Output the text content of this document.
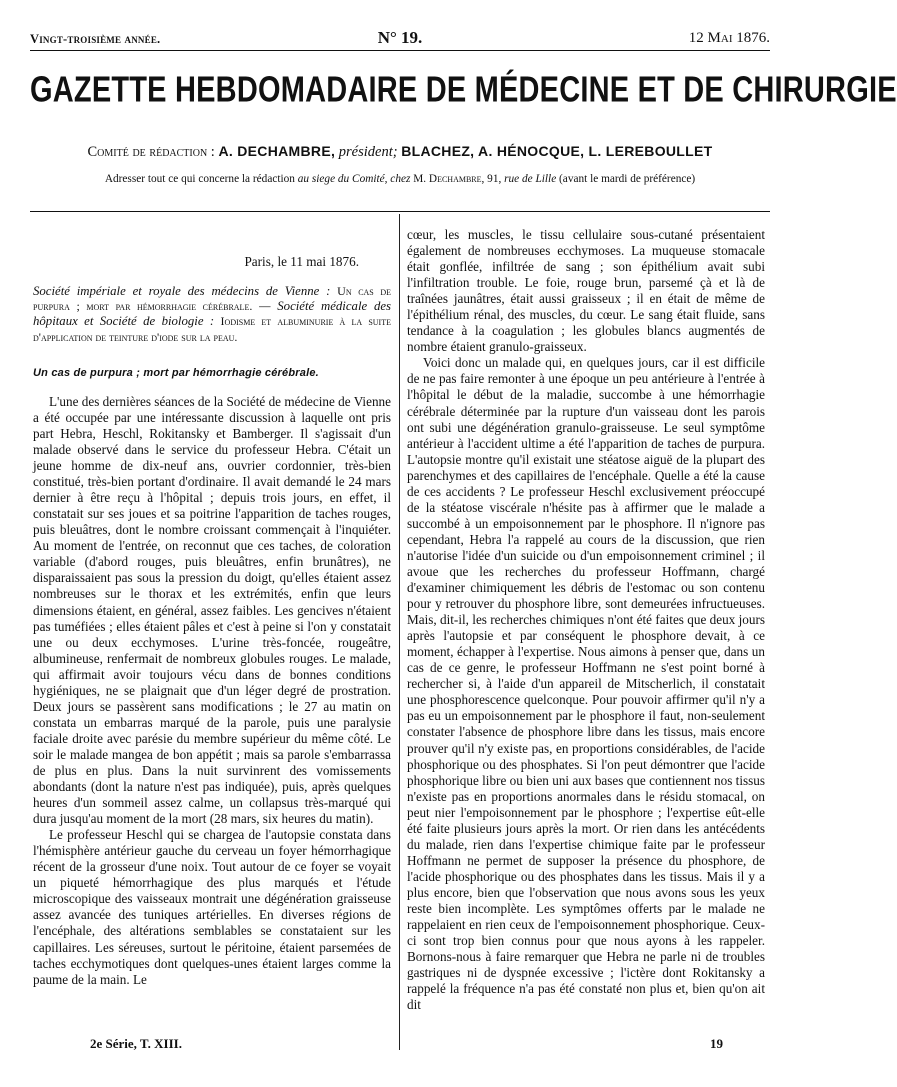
Vingt-troisième année.	N° 19.	12 Mai 1876.
GAZETTE HEBDOMADAIRE DE MÉDECINE ET DE CHIRURGIE
Comité de rédaction : A. DECHAMBRE, président; BLACHEZ, A. HÉNOCQUE, L. LEREBOULLET
Adresser tout ce qui concerne la rédaction au siege du Comité, chez M. Dechambre, 91, rue de Lille (avant le mardi de préférence)
Paris, le 11 mai 1876.
Société impériale et royale des médecins de Vienne : Un cas de purpura ; mort par hémorrhagie cérébrale. — Société médicale des hôpitaux et Société de biologie : Iodisme et albuminurie à la suite d'application de teinture d'iode sur la peau.
Un cas de purpura ; mort par hémorrhagie cérébrale.

L'une des dernières séances de la Société de médecine de Vienne a été occupée par une intéressante discussion à laquelle ont pris part Hebra, Heschl, Rokitansky et Bamberger. Il s'agissait d'un malade observé dans le service du professeur Hebra. C'était un jeune homme de dix-neuf ans, ouvrier cordonnier, très-bien constitué, très-bien portant d'ordinaire. Il avait demandé le 24 mars dernier à être reçu à l'hôpital ; depuis trois jours, en effet, il constatait sur ses joues et sa poitrine l'apparition de taches rouges, puis bleuâtres, dont le nombre croissant commençait à l'inquiéter. Au moment de l'entrée, on reconnut que ces taches, de coloration variable (d'abord rouges, puis bleuâtres, enfin brunâtres), ne disparaissaient pas sous la pression du doigt, qu'elles étaient assez nombreuses sur le thorax et les extrémités, enfin que leurs dimensions étaient, en général, assez faibles. Les gencives n'étaient pas tuméfiées ; elles étaient pâles et c'est à peine si l'on y constatait une ou deux ecchymoses. L'urine très-foncée, rougeâtre, albumineuse, renfermait de nombreux globules rouges. Le malade, qui affirmait avoir toujours vécu dans de bonnes conditions hygiéniques, ne se plaignait que d'un léger degré de prostration. Deux jours se passèrent sans modifications ; le 27 au matin on constata un embarras marqué de la parole, puis une paralysie faciale droite avec parésie du membre supérieur du même côté. Le soir le malade mangea de bon appétit ; mais sa parole s'embarrassa de plus en plus. Dans la nuit survinrent des vomissements abondants (dont la nature n'est pas indiquée), puis, après quelques heures d'un sommeil assez calme, un collapsus très-marqué qui dura jusqu'au moment de la mort (28 mars, six heures du matin).

Le professeur Heschl qui se chargea de l'autopsie constata dans l'hémisphère antérieur gauche du cerveau un foyer hémorrhagique récent de la grosseur d'une noix. Tout autour de ce foyer se voyait un piqueté hémorrhagique des plus marqués et l'étude microscopique des vaisseaux montrait une dégénération graisseuse assez avancée des tuniques artérielles. En diverses régions de l'encéphale, des altérations semblables se constataient sur les capillaires. Les séreuses, surtout le péritoine, étaient parsemées de taches ecchymotiques dont quelques-unes étaient larges comme la paume de la main. Le

cœur, les muscles, le tissu cellulaire sous-cutané présentaient également de nombreuses ecchymoses. La muqueuse stomacale était gonflée, infiltrée de sang ; son épithélium avait subi l'infiltration trouble. Le foie, rouge brun, parsemé çà et là de traînées jaunâtres, était aussi graisseux ; il en était de même de l'épithélium rénal, des muscles, du cœur. Le sang était fluide, sans tendance à la coagulation ; les globules blancs augmentés de nombre étaient granulo-graisseux.

Voici donc un malade qui, en quelques jours, car il est difficile de ne pas faire remonter à une époque un peu antérieure à l'entrée à l'hôpital le début de la maladie, succombe à une hémorrhagie cérébrale déterminée par la rupture d'un vaisseau dont les parois ont subi une dégénération granulo-graisseuse. Le seul symptôme antérieur à l'accident ultime a été l'apparition de taches de purpura. L'autopsie montre qu'il existait une stéatose aiguë de la plupart des parenchymes et des capillaires de l'encéphale. Quelle a été la cause de ces accidents ? Le professeur Heschl exclusivement préoccupé de la stéatose viscérale n'hésite pas à affirmer que le malade a succombé à un empoisonnement par le phosphore. Il n'ignore pas cependant, Hebra l'a rappelé au cours de la discussion, que rien n'autorise l'idée d'un suicide ou d'un empoisonnement criminel ; il avoue que les recherches du professeur Hoffmann, chargé d'examiner chimiquement les débris de l'estomac ou son contenu pour y retrouver du phosphore libre, sont demeurées infructueuses. Mais, dit-il, les recherches chimiques n'ont été faites que deux jours après l'autopsie et par conséquent le phosphore devait, à ce moment, échapper à l'expertise. Nous aimons à penser que, dans un cas de ce genre, le professeur Hoffmann ne s'est point borné à rechercher si, à l'aide d'un appareil de Mitscherlich, il constatait une phosphorescence quelconque. Pour pouvoir affirmer qu'il n'y a pas eu un empoisonnement par le phosphore il faut, non-seulement constater l'absence de phosphore libre dans les tissus, mais encore prouver qu'il n'y existe pas, en proportions considérables, de l'acide phosphorique ou des phosphates. Si l'on peut démontrer que l'acide phosphorique libre ou bien uni aux bases que contiennent nos tissus n'existe pas en proportions anormales dans le résidu stomacal, on peut nier l'empoisonnement par le phosphore ; l'expertise eût-elle été faite plusieurs jours après la mort. Or rien dans les antécédents du malade, rien dans l'expertise chimique faite par le professeur Hoffmann ne permet de supposer la présence du phosphore, de l'acide phosphorique ou des phosphates dans les tissus. Mais il y a plus encore, bien que l'observation que nous avons sous les yeux reste bien incomplète. Les symptômes offerts par le malade ne rappelaient en rien ceux de l'empoisonnement phosphorique. Ceux-ci sont trop bien connus pour que nous ayons à les rappeler. Bornons-nous à faire remarquer que Hebra ne parle ni de troubles gastriques ni de dyspnée excessive ; l'ictère dont Rokitansky a rappelé la fréquence n'a pas été constaté non plus et, bien qu'on ait dit

2e Série, T. XIII.	19
